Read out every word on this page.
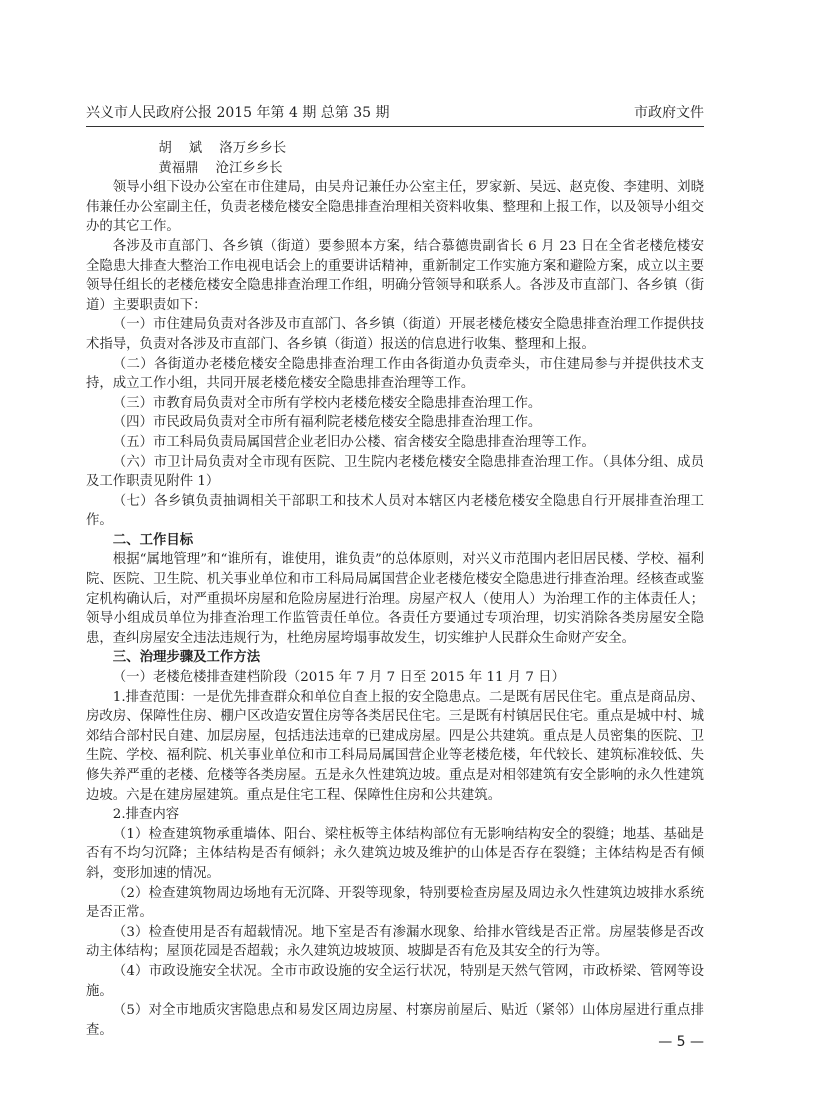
兴义市人民政府公报 2015 年第 4 期 总第 35 期	市政府文件
胡    斌    洛万乡乡长
黄福鼎    沧江乡乡长

领导小组下设办公室在市住建局，由吴舟记兼任办公室主任，罗家新、吴远、赵克俊、李建明、刘晓伟兼任办公室副主任，负责老楼危楼安全隐患排查治理相关资料收集、整理和上报工作，以及领导小组交办的其它工作。

各涉及市直部门、各乡镇（街道）要参照本方案，结合慕德贵副省长 6 月 23 日在全省老楼危楼安全隐患大排查大整治工作电视电话会上的重要讲话精神，重新制定工作实施方案和避险方案，成立以主要领导任组长的老楼危楼安全隐患排查治理工作组，明确分管领导和联系人。各涉及市直部门、各乡镇（街道）主要职责如下：

（一）市住建局负责对各涉及市直部门、各乡镇（街道）开展老楼危楼安全隐患排查治理工作提供技术指导，负责对各涉及市直部门、各乡镇（街道）报送的信息进行收集、整理和上报。

（二）各街道办老楼危楼安全隐患排查治理工作由各街道办负责牵头，市住建局参与并提供技术支持，成立工作小组，共同开展老楼危楼安全隐患排查治理等工作。

（三）市教育局负责对全市所有学校内老楼危楼安全隐患排查治理工作。

（四）市民政局负责对全市所有福利院老楼危楼安全隐患排查治理工作。

（五）市工科局负责局属国营企业老旧办公楼、宿舍楼安全隐患排查治理等工作。

（六）市卫计局负责对全市现有医院、卫生院内老楼危楼安全隐患排查治理工作。（具体分组、成员及工作职责见附件 1）

（七）各乡镇负责抽调相关干部职工和技术人员对本辖区内老楼危楼安全隐患自行开展排查治理工作。

二、工作目标

根据“属地管理”和“谁所有，谁使用，谁负责”的总体原则，对兴义市范围内老旧居民楼、学校、福利院、医院、卫生院、机关事业单位和市工科局局属国营企业老楼危楼安全隐患进行排查治理。经核查或鉴定机构确认后，对严重损坏房屋和危险房屋进行治理。房屋产权人（使用人）为治理工作的主体责任人；领导小组成员单位为排查治理工作监管责任单位。各责任方要通过专项治理，切实消除各类房屋安全隐患，查纠房屋安全违法违规行为，杜绝房屋垮塌事故发生，切实维护人民群众生命财产安全。

三、治理步骤及工作方法

（一）老楼危楼排查建档阶段（2015 年 7 月 7 日至 2015 年 11 月 7 日）

1.排查范围：一是优先排查群众和单位自查上报的安全隐患点。二是既有居民住宅。重点是商品房、房改房、保障性住房、棚户区改造安置住房等各类居民住宅。三是既有村镇居民住宅。重点是城中村、城郊结合部村民自建、加层房屋，包括违法违章的已建成房屋。四是公共建筑。重点是人员密集的医院、卫生院、学校、福利院、机关事业单位和市工科局局属国营企业等老楼危楼，年代较长、建筑标准较低、失修失养严重的老楼、危楼等各类房屋。五是永久性建筑边坡。重点是对相邻建筑有安全影响的永久性建筑边坡。六是在建房屋建筑。重点是住宅工程、保障性住房和公共建筑。

2.排查内容

（1）检查建筑物承重墙体、阳台、梁柱板等主体结构部位有无影响结构安全的裂缝；地基、基础是否有不均匀沉降；主体结构是否有倾斜；永久建筑边坡及维护的山体是否存在裂缝；主体结构是否有倾斜，变形加速的情况。

（2）检查建筑物周边场地有无沉降、开裂等现象，特别要检查房屋及周边永久性建筑边坡排水系统是否正常。

（3）检查使用是否有超载情况。地下室是否有渗漏水现象、给排水管线是否正常。房屋装修是否改动主体结构；屋顶花园是否超载；永久建筑边坡坡顶、坡脚是否有危及其安全的行为等。

（4）市政设施安全状况。全市市政设施的安全运行状况，特别是天然气管网，市政桥梁、管网等设施。

（5）对全市地质灾害隐患点和易发区周边房屋、村寨房前屋后、贴近（紧邻）山体房屋进行重点排查。

— 5 —
